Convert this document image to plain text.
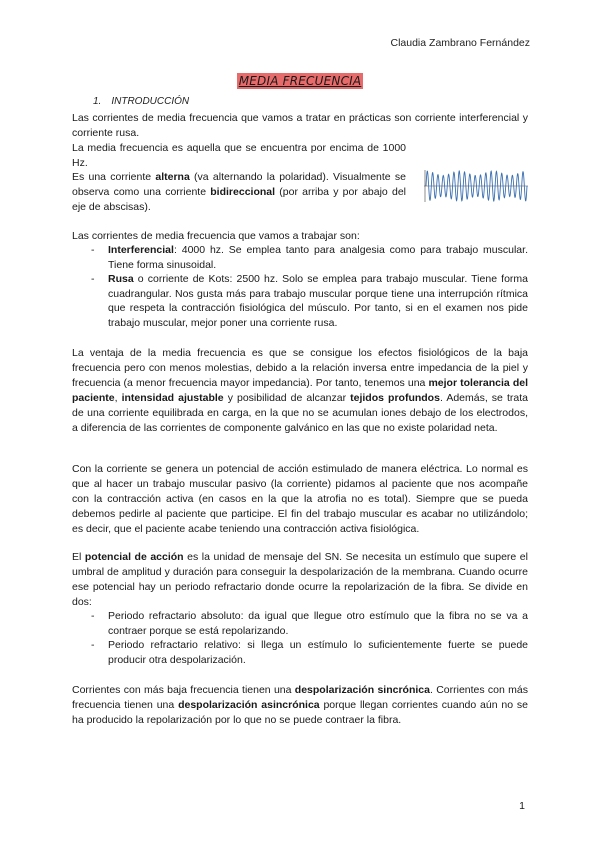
Claudia Zambrano Fernández
MEDIA FRECUENCIA
1. INTRODUCCIÓN

Las corrientes de media frecuencia que vamos a tratar en prácticas son corriente interferencial y corriente rusa.

La media frecuencia es aquella que se encuentra por encima de 1000 Hz.

Es una corriente alterna (va alternando la polaridad). Visualmente se observa como una corriente bidireccional (por arriba y por abajo del eje de abscisas).

Las corrientes de media frecuencia que vamos a trabajar son:

- Interferencial: 4000 hz. Se emplea tanto para analgesia como para trabajo muscular. Tiene forma sinusoidal.
- Rusa o corriente de Kots: 2500 hz. Solo se emplea para trabajo muscular. Tiene forma cuadrangular. Nos gusta más para trabajo muscular porque tiene una interrupción rítmica que respeta la contracción fisiológica del músculo. Por tanto, si en el examen nos pide trabajo muscular, mejor poner una corriente rusa.

La ventaja de la media frecuencia es que se consigue los efectos fisiológicos de la baja frecuencia pero con menos molestias, debido a la relación inversa entre impedancia de la piel y frecuencia (a menor frecuencia mayor impedancia). Por tanto, tenemos una mejor tolerancia del paciente, intensidad ajustable y posibilidad de alcanzar tejidos profundos. Además, se trata de una corriente equilibrada en carga, en la que no se acumulan iones debajo de los electrodos, a diferencia de las corrientes de componente galvánico en las que no existe polaridad neta.

Con la corriente se genera un potencial de acción estimulado de manera eléctrica. Lo normal es que al hacer un trabajo muscular pasivo (la corriente) pidamos al paciente que nos acompañe con la contracción activa (en casos en la que la atrofia no es total). Siempre que se pueda debemos pedirle al paciente que participe. El fin del trabajo muscular es acabar no utilizándolo; es decir, que el paciente acabe teniendo una contracción activa fisiológica.

El potencial de acción es la unidad de mensaje del SN. Se necesita un estímulo que supere el umbral de amplitud y duración para conseguir la despolarización de la membrana. Cuando ocurre ese potencial hay un periodo refractario donde ocurre la repolarización de la fibra. Se divide en dos:

- Periodo refractario absoluto: da igual que llegue otro estímulo que la fibra no se va a contraer porque se está repolarizando.
- Periodo refractario relativo: si llega un estímulo lo suficientemente fuerte se puede producir otra despolarización.

Corrientes con más baja frecuencia tienen una despolarización sincrónica. Corrientes con más frecuencia tienen una despolarización asincrónica porque llegan corrientes cuando aún no se ha producido la repolarización por lo que no se puede contraer la fibra.

1
